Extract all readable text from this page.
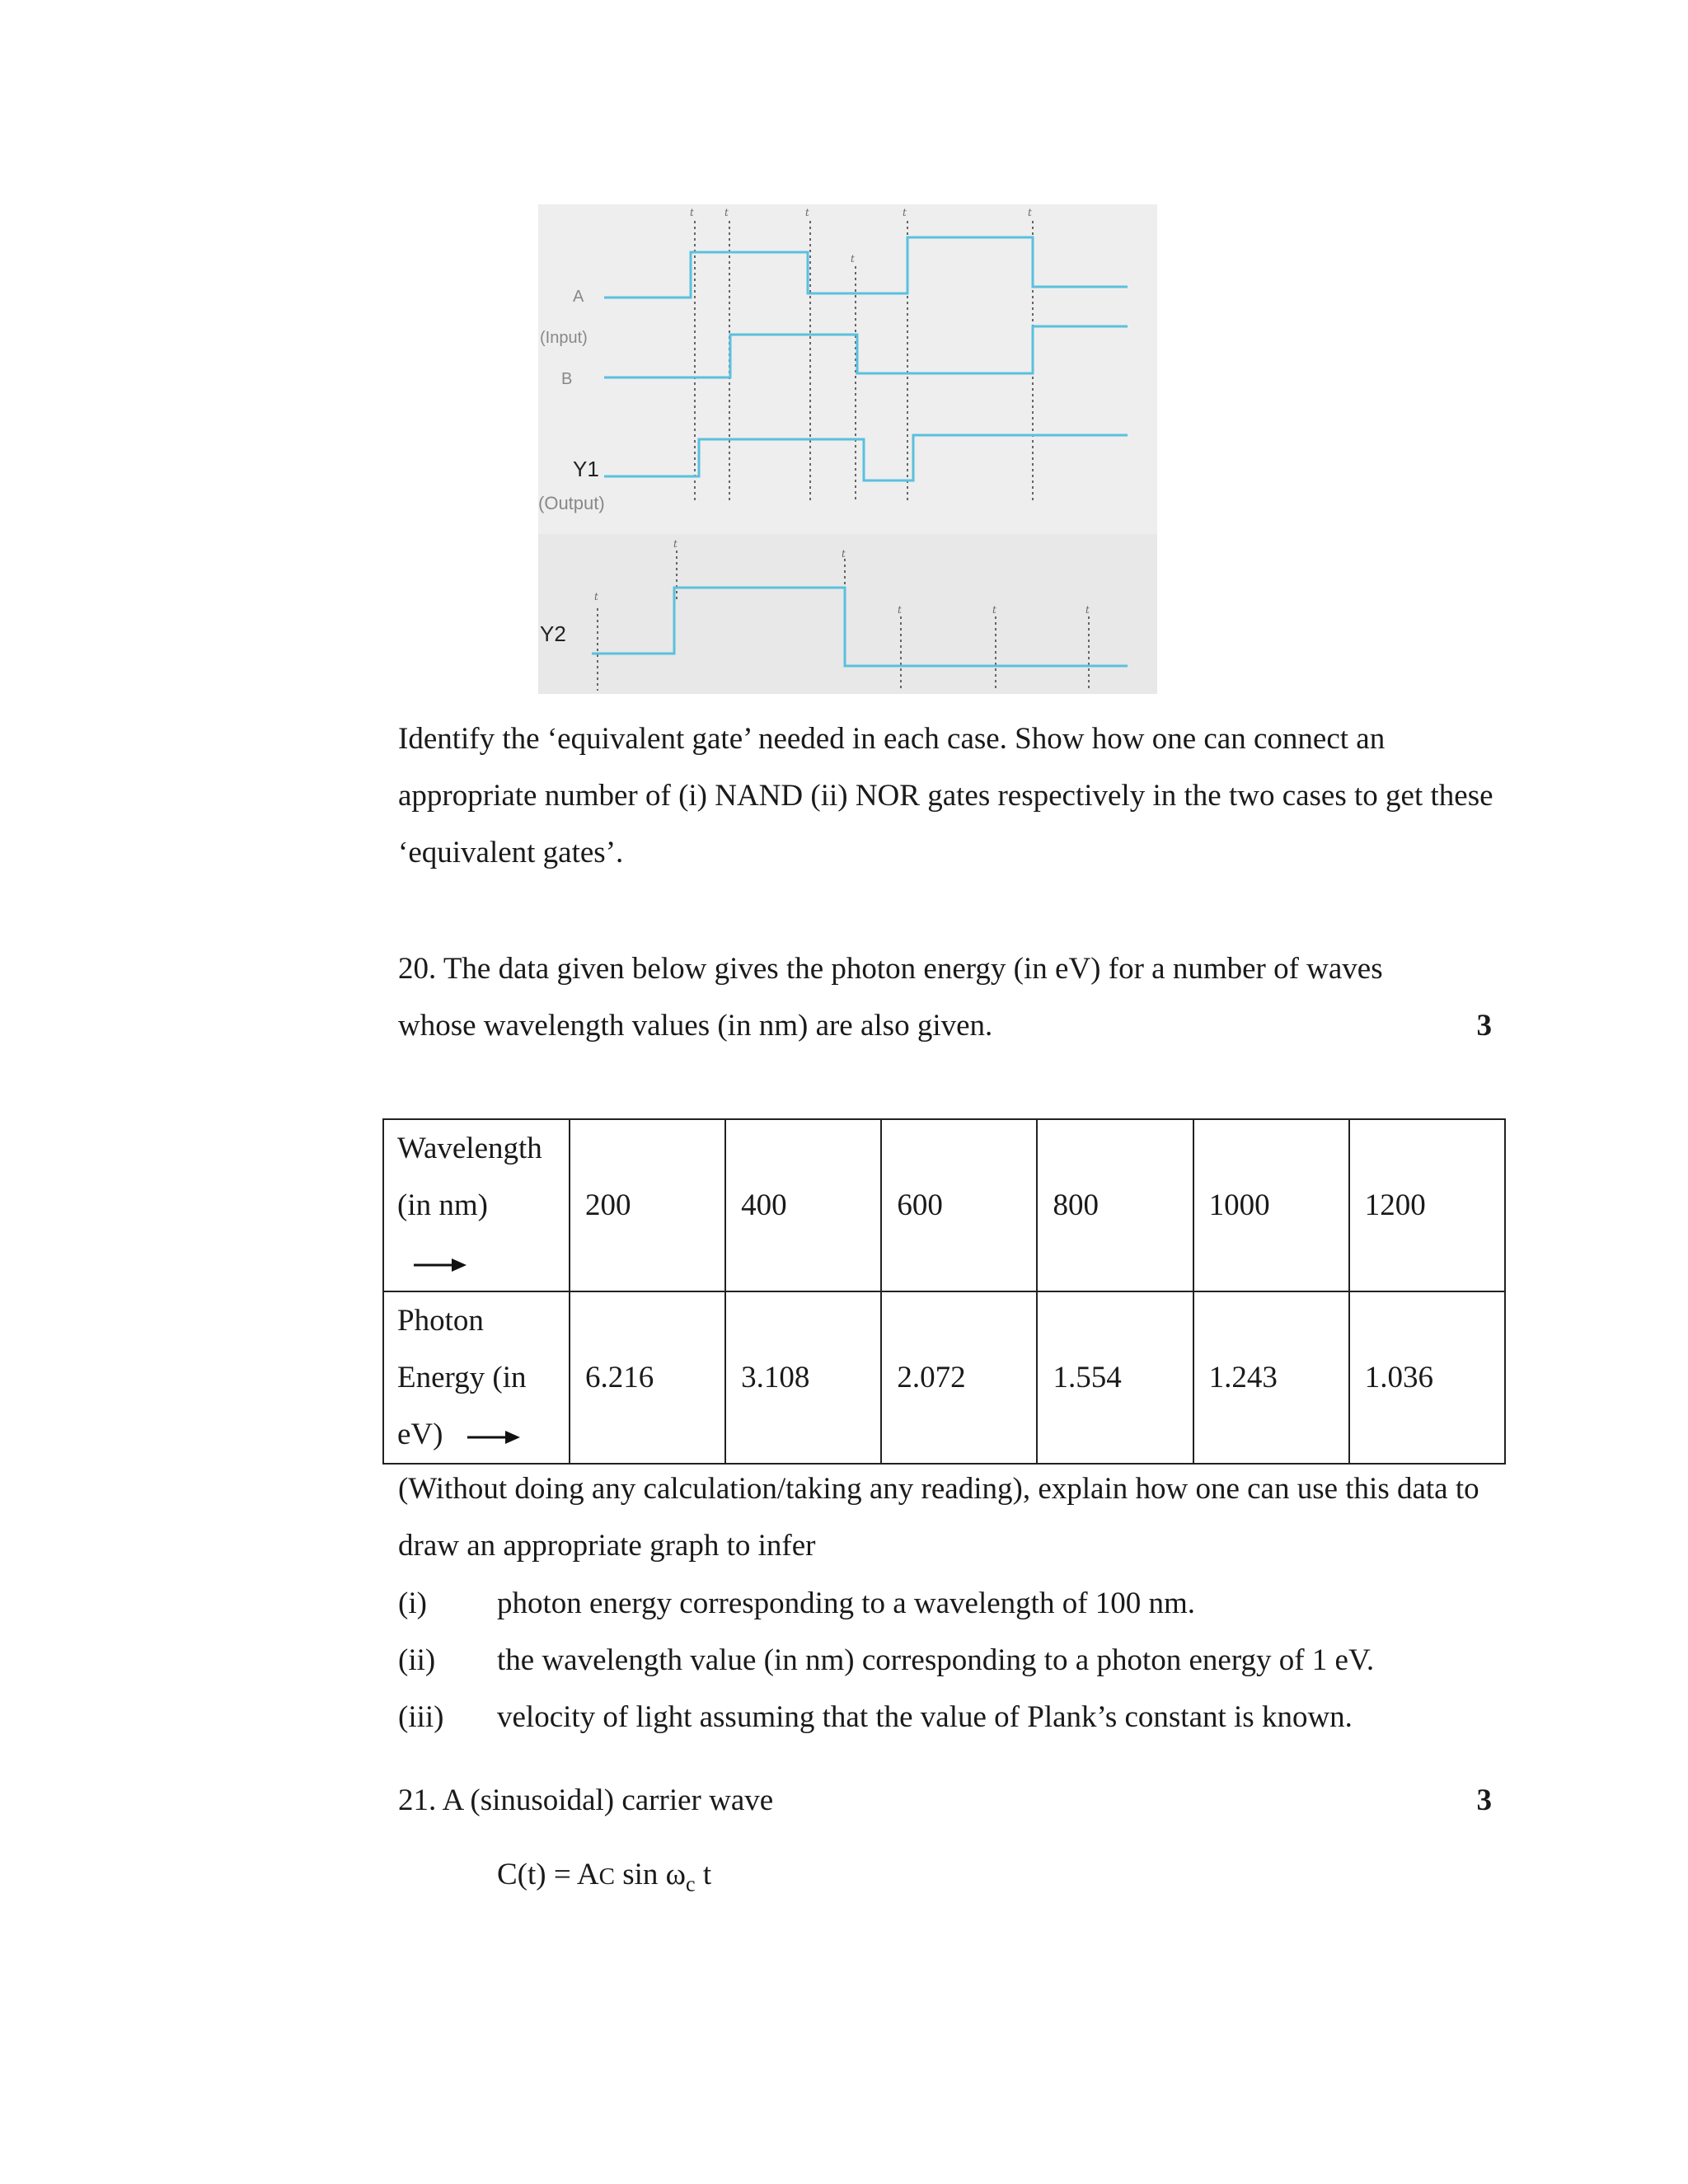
t	t	t
t
t	t
t
t
t
t	t	t
A
(Input)
B
Y1
(Output)
Y2
Identify the ‘equivalent gate’ needed in each case. Show how one can connect an appropriate number of (i) NAND (ii) NOR gates respectively in the two cases to get these ‘equivalent gates’.
20. The data given below gives the photon energy (in eV) for a number of waves
whose wavelength values (in nm) are also given.	3
Wavelength
(in nm)	200	400	600	800	1000	1200

Photon
Energy (in
eV)	6.216	3.108	2.072	1.554	1.243	1.036
(Without doing any calculation/taking any reading), explain how one can use this data to draw an appropriate graph to infer
(i)	photon energy corresponding to a wavelength of 100 nm.
(ii)	the wavelength value (in nm) corresponding to a photon energy of 1 eV.
(iii)	velocity of light assuming that the value of Plank’s constant is known.
21. A (sinusoidal) carrier wave	3
C(t) = AC $\sin \omega_c$ t
